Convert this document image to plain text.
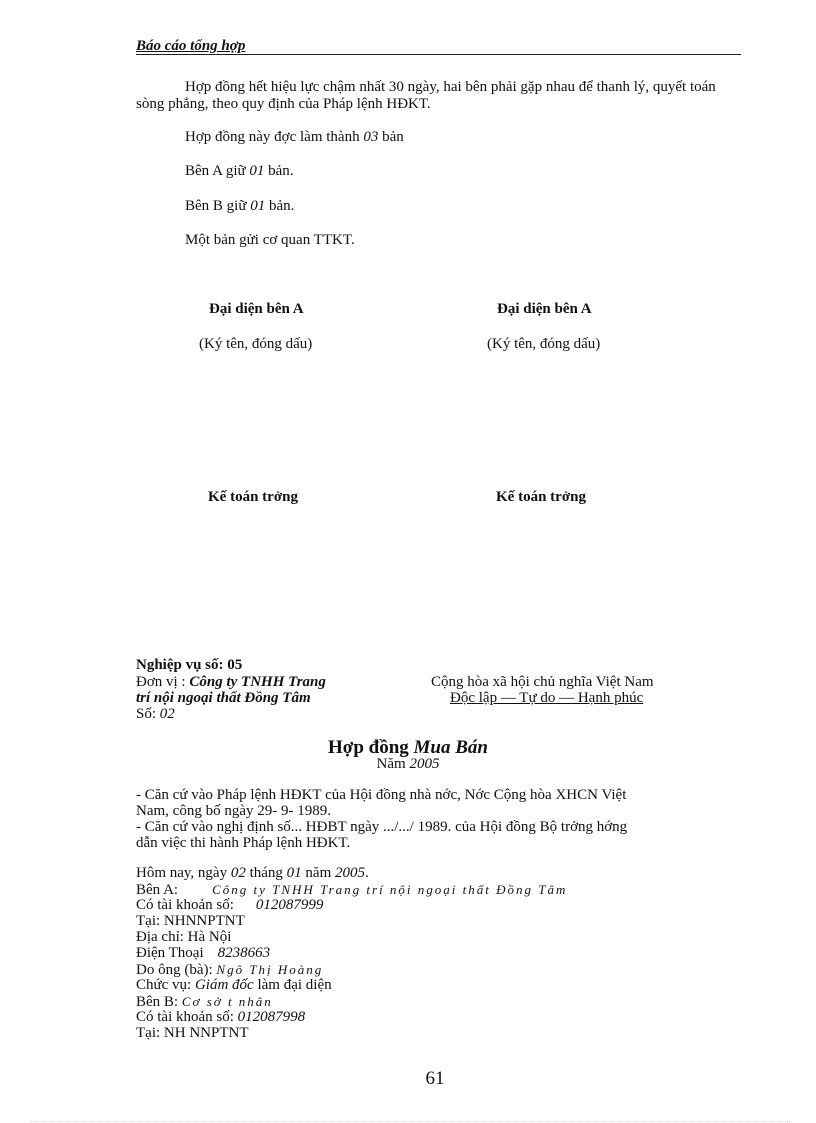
Báo cáo tổng hợp
Hợp đồng hết hiệu lực chậm nhất 30 ngày, hai bên phải gặp nhau để thanh lý, quyết toán sòng phẳng, theo quy định của Pháp lệnh HĐKT.
Hợp đồng này đợc làm thành 03 bản
Bên A giữ 01 bản.
Bên B giữ 01 bản.
Một bản gửi cơ quan TTKT.
Đại diện bên A	Đại diện bên A
(Ký tên, đóng dấu)	(Ký tên, đóng dấu)
Kế toán trởng	Kế toán trởng
Nghiệp vụ số: 05
Đơn vị : Công ty TNHH Trang
trí nội ngoại thất Đồng Tâm
Số: 02
Cộng hòa xã hội chủ nghĩa Việt Nam
Độc lập — Tự do — Hạnh phúc
Hợp đồng Mua Bán
Năm 2005
- Căn cứ vào Pháp lệnh HĐKT của Hội đồng nhà nớc, Nớc Cộng hòa XHCN Việt
Nam, công bố ngày 29- 9- 1989.
- Căn cứ vào nghị định số... HĐBT ngày .../.../ 1989. của Hội đồng Bộ trởng hớng
dẫn việc thi hành Pháp lệnh HĐKT.
Hôm nay, ngày 02 tháng 01 năm 2005.
Bên A:	Công ty TNHH Trang trí nội ngoại thất Đồng Tâm
Có tài khoản số: 012087999
Tại: NHNNPTNT
Địa chỉ: Hà Nội
Điện Thoại 8238663
Do ông (bà): Ngô Thị Hoàng
Chức vụ: Giám đốc làm đại diện
Bên B: Cơ sở t nhân
Có tài khoản số: 012087998
Tại: NH NNPTNT
61
